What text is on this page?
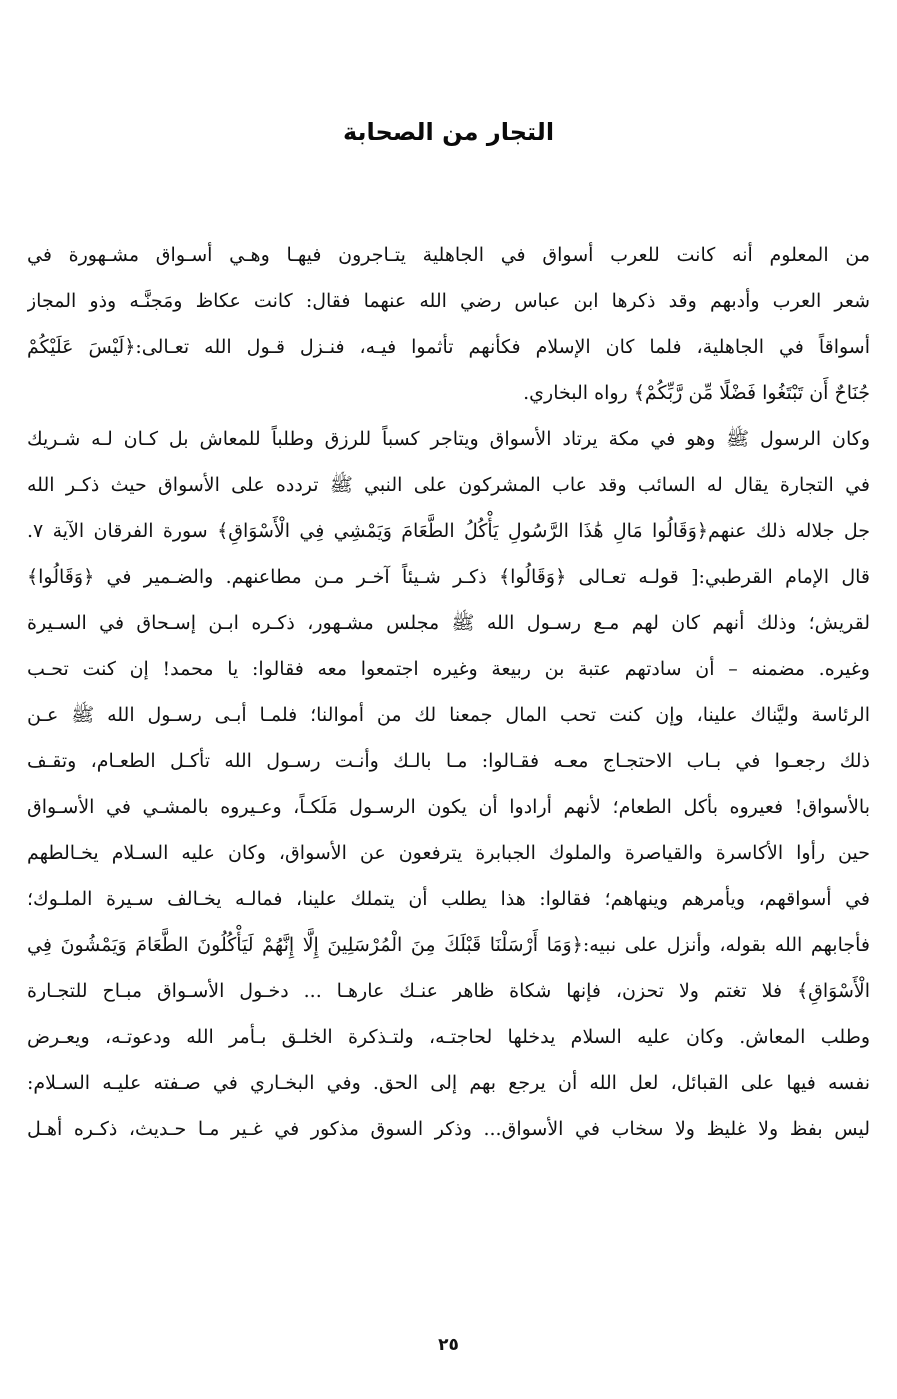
التجار من الصحابة
من المعلوم أنه كانت للعرب أسواق في الجاهلية يتـاجرون فيهـا وهـي أسـواق مشـهورة في
شعر العرب وأدبهم وقد ذكرها ابن عباس رضي الله عنهما فقال: كانت عكاظ ومَجنَّـه وذو المجاز
أسواقاً في الجاهلية، فلما كان الإسلام فكأنهم تأثموا فيـه، فنـزل قـول الله تعـالى:﴿لَيْسَ عَلَيْكُمْ
جُنَاحٌ أَن تَبْتَغُوا فَضْلًا مِّن رَّبِّكُمْ﴾ رواه البخاري.
وكان الرسول ﷺ وهو في مكة يرتاد الأسواق ويتاجر كسباً للرزق وطلباً للمعاش بل كـان لـه شـريك
في التجارة يقال له السائب وقد عاب المشركون على النبي ﷺ تردده على الأسواق حيث ذكـر الله
جل جلاله ذلك عنهم﴿وَقَالُوا مَالِ هَٰذَا الرَّسُولِ يَأْكُلُ الطَّعَامَ وَيَمْشِي فِي الْأَسْوَاقِ﴾ سورة الفرقان الآية ٧.
قال الإمام القرطبي:[ قولـه تعـالى ﴿وَقَالُوا﴾ ذكـر شـيئاً آخـر مـن مطاعنهم. والضـمير في ﴿وَقَالُوا﴾
لقريش؛ وذلك أنهم كان لهم مـع رسـول الله ﷺ مجلس مشـهور، ذكـره ابـن إسـحاق في السـيرة
وغيره. مضمنه – أن سادتهم عتبة بن ربيعة وغيره اجتمعوا معه فقالوا: يا محمد! إن كنت تحـب
الرئاسة وليَّناك علينا، وإن كنت تحب المال جمعنا لك من أموالنا؛ فلمـا أبـى رسـول الله ﷺ عـن
ذلك رجعـوا في بـاب الاحتجـاج معـه فقـالوا: مـا بالـك وأنـت رسـول الله تأكـل الطعـام، وتقـف
بالأسواق! فعيروه بأكل الطعام؛ لأنهم أرادوا أن يكون الرسـول مَلَكـاً، وعـيروه بالمشـي في الأسـواق
حين رأوا الأكاسرة والقياصرة والملوك الجبابرة يترفعون عن الأسواق، وكان عليه السـلام يخـالطهم
في أسواقهم، ويأمرهم وينهاهم؛ فقالوا: هذا يطلب أن يتملك علينا، فمالـه يخـالف سـيرة الملـوك؛
فأجابهم الله بقوله، وأنزل على نبيه:﴿وَمَا أَرْسَلْنَا قَبْلَكَ مِنَ الْمُرْسَلِينَ إِلَّا إِنَّهُمْ لَيَأْكُلُونَ الطَّعَامَ وَيَمْشُونَ فِي
الْأَسْوَاقِ﴾ فلا تغتم ولا تحزن، فإنها شكاة ظاهر عنـك عارهـا ... دخـول الأسـواق مبـاح للتجـارة
وطلب المعاش. وكان عليه السلام يدخلها لحاجتـه، ولتـذكرة الخلـق بـأمر الله ودعوتـه، ويعـرض
نفسه فيها على القبائل، لعل الله أن يرجع بهم إلى الحق. وفي البخـاري في صـفته عليـه السـلام:
ليس بفظ ولا غليظ ولا سخاب في الأسواق... وذكر السوق مذكور في غـير مـا حـديث، ذكـره أهـل
٢٥
